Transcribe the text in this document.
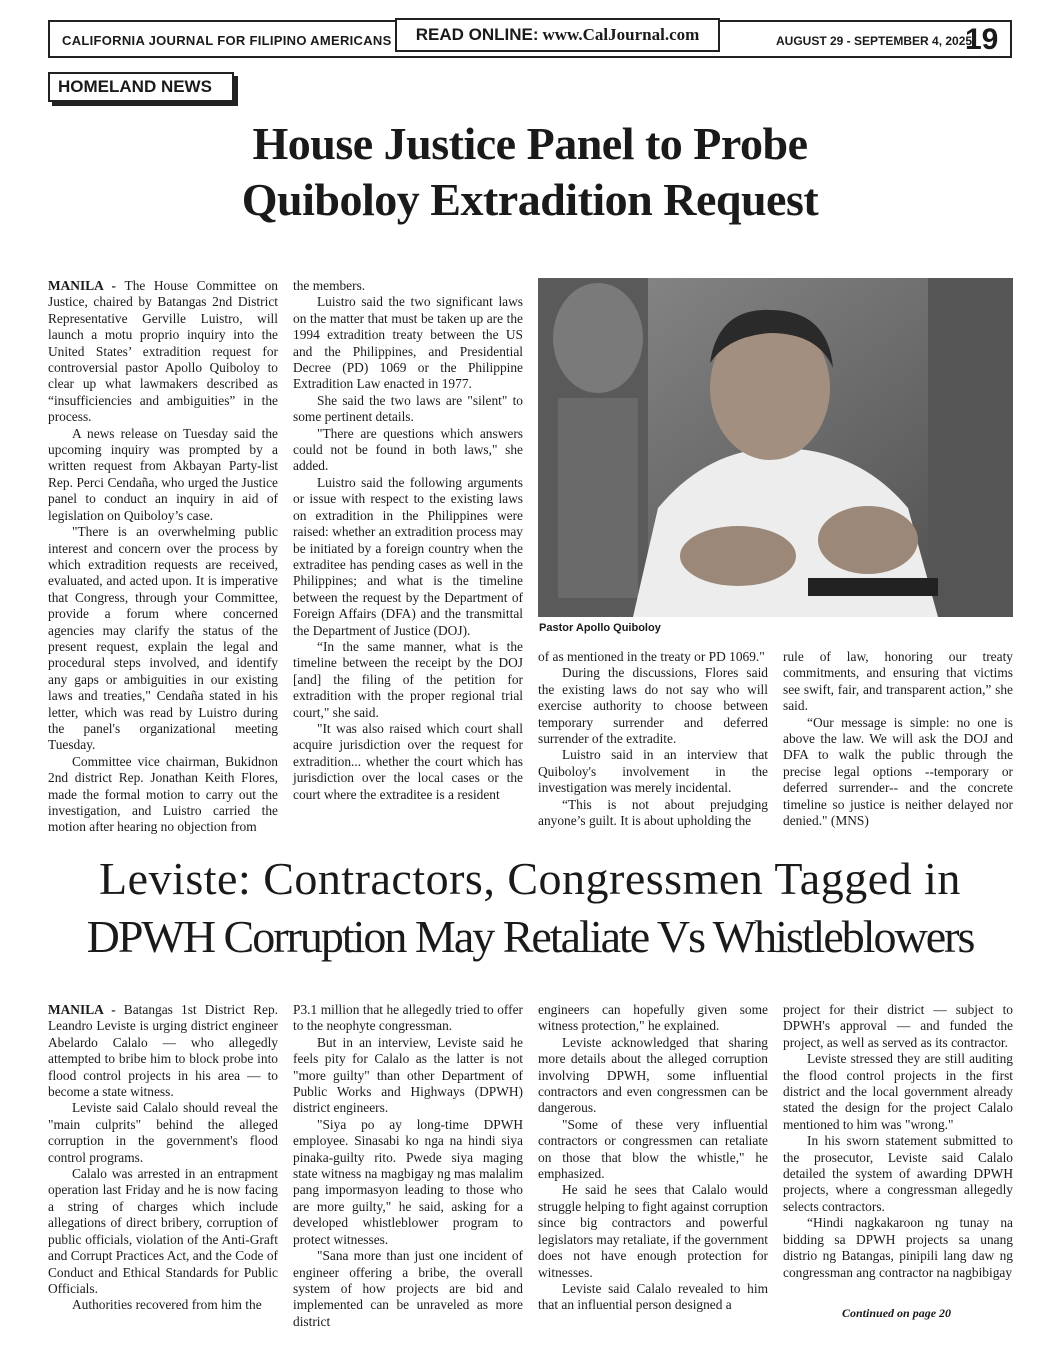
CALIFORNIA JOURNAL FOR FILIPINO AMERICANS	READ ONLINE: www.CalJournal.com	AUGUST 29 - SEPTEMBER 4, 2025
19
HOMELAND NEWS
House Justice Panel to Probe
Quiboloy Extradition Request

MANILA - The House Committee on Justice, chaired by Batangas 2nd District Representative Gerville Luistro, will launch a motu proprio inquiry into the United States’ extradition request for controversial pastor Apollo Quiboloy to clear up what lawmakers described as “insufficiencies and ambiguities” in the process.

A news release on Tuesday said the upcoming inquiry was prompted by a written request from Akbayan Party-list Rep. Perci Cendaña, who urged the Justice panel to conduct an inquiry in aid of legislation on Quiboloy’s case.

"There is an overwhelming public interest and concern over the process by which extradition requests are received, evaluated, and acted upon. It is imperative that Congress, through your Committee, provide a forum where concerned agencies may clarify the status of the present request, explain the legal and procedural steps involved, and identify any gaps or ambiguities in our existing laws and treaties," Cendaña stated in his letter, which was read by Luistro during the panel's organizational meeting Tuesday.

Committee vice chairman, Bukidnon 2nd district Rep. Jonathan Keith Flores, made the formal motion to carry out the investigation, and Luistro carried the motion after hearing no objection from

the members.

Luistro said the two significant laws on the matter that must be taken up are the 1994 extradition treaty between the US and the Philippines, and Presidential Decree (PD) 1069 or the Philippine Extradition Law enacted in 1977.

She said the two laws are "silent" to some pertinent details.

"There are questions which answers could not be found in both laws," she added.

Luistro said the following arguments or issue with respect to the existing laws on extradition in the Philippines were raised: whether an extradition process may be initiated by a foreign country when the extraditee has pending cases as well in the Philippines; and what is the timeline between the request by the Department of Foreign Affairs (DFA) and the transmittal the Department of Justice (DOJ).

“In the same manner, what is the timeline between the receipt by the DOJ [and] the filing of the petition for extradition with the proper regional trial court," she said.

"It was also raised which court shall acquire jurisdiction over the request for extradition... whether the court which has jurisdiction over the local cases or the court where the extraditee is a resident

Pastor Apollo Quiboloy

of as mentioned in the treaty or PD 1069."

During the discussions, Flores said the existing laws do not say who will exercise authority to choose between temporary surrender and deferred surrender of the extradite.

Luistro said in an interview that Quiboloy's involvement in the investigation was merely incidental.

“This is not about prejudging anyone’s guilt. It is about upholding the

rule of law, honoring our treaty commitments, and ensuring that victims see swift, fair, and transparent action,” she said.

“Our message is simple: no one is above the law. We will ask the DOJ and DFA to walk the public through the precise legal options --temporary or deferred surrender-- and the concrete timeline so justice is neither delayed nor denied." (MNS)

Leviste: Contractors, Congressmen Tagged in
DPWH Corruption May Retaliate Vs Whistleblowers

MANILA - Batangas 1st District Rep. Leandro Leviste is urging district engineer Abelardo Calalo — who allegedly attempted to bribe him to block probe into flood control projects in his area — to become a state witness.

Leviste said Calalo should reveal the "main culprits" behind the alleged corruption in the government's flood control programs.

Calalo was arrested in an entrapment operation last Friday and he is now facing a string of charges which include allegations of direct bribery, corruption of public officials, violation of the Anti-Graft and Corrupt Practices Act, and the Code of Conduct and Ethical Standards for Public Officials.

Authorities recovered from him the

P3.1 million that he allegedly tried to offer to the neophyte congressman.

But in an interview, Leviste said he feels pity for Calalo as the latter is not "more guilty" than other Department of Public Works and Highways (DPWH) district engineers.

"Siya po ay long-time DPWH employee. Sinasabi ko nga na hindi siya pinaka-guilty rito. Pwede siya maging state witness na magbigay ng mas malalim pang impormasyon leading to those who are more guilty," he said, asking for a developed whistleblower program to protect witnesses.

"Sana more than just one incident of engineer offering a bribe, the overall system of how projects are bid and implemented can be unraveled as more district

engineers can hopefully given some witness protection," he explained.

Leviste acknowledged that sharing more details about the alleged corruption involving DPWH, some influential contractors and even congressmen can be dangerous.

"Some of these very influential contractors or congressmen can retaliate on those that blow the whistle," he emphasized.

He said he sees that Calalo would struggle helping to fight against corruption since big contractors and powerful legislators may retaliate, if the government does not have enough protection for witnesses.

Leviste said Calalo revealed to him that an influential person designed a

project for their district — subject to DPWH's approval — and funded the project, as well as served as its contractor.

Leviste stressed they are still auditing the flood control projects in the first district and the local government already stated the design for the project Calalo mentioned to him was "wrong."

In his sworn statement submitted to the prosecutor, Leviste said Calalo detailed the system of awarding DPWH projects, where a congressman allegedly selects contractors.

“Hindi nagkakaroon ng tunay na bidding sa DPWH projects sa unang distrio ng Batangas, pinipili lang daw ng congressman ang contractor na nagbibigay

Continued on page 20
